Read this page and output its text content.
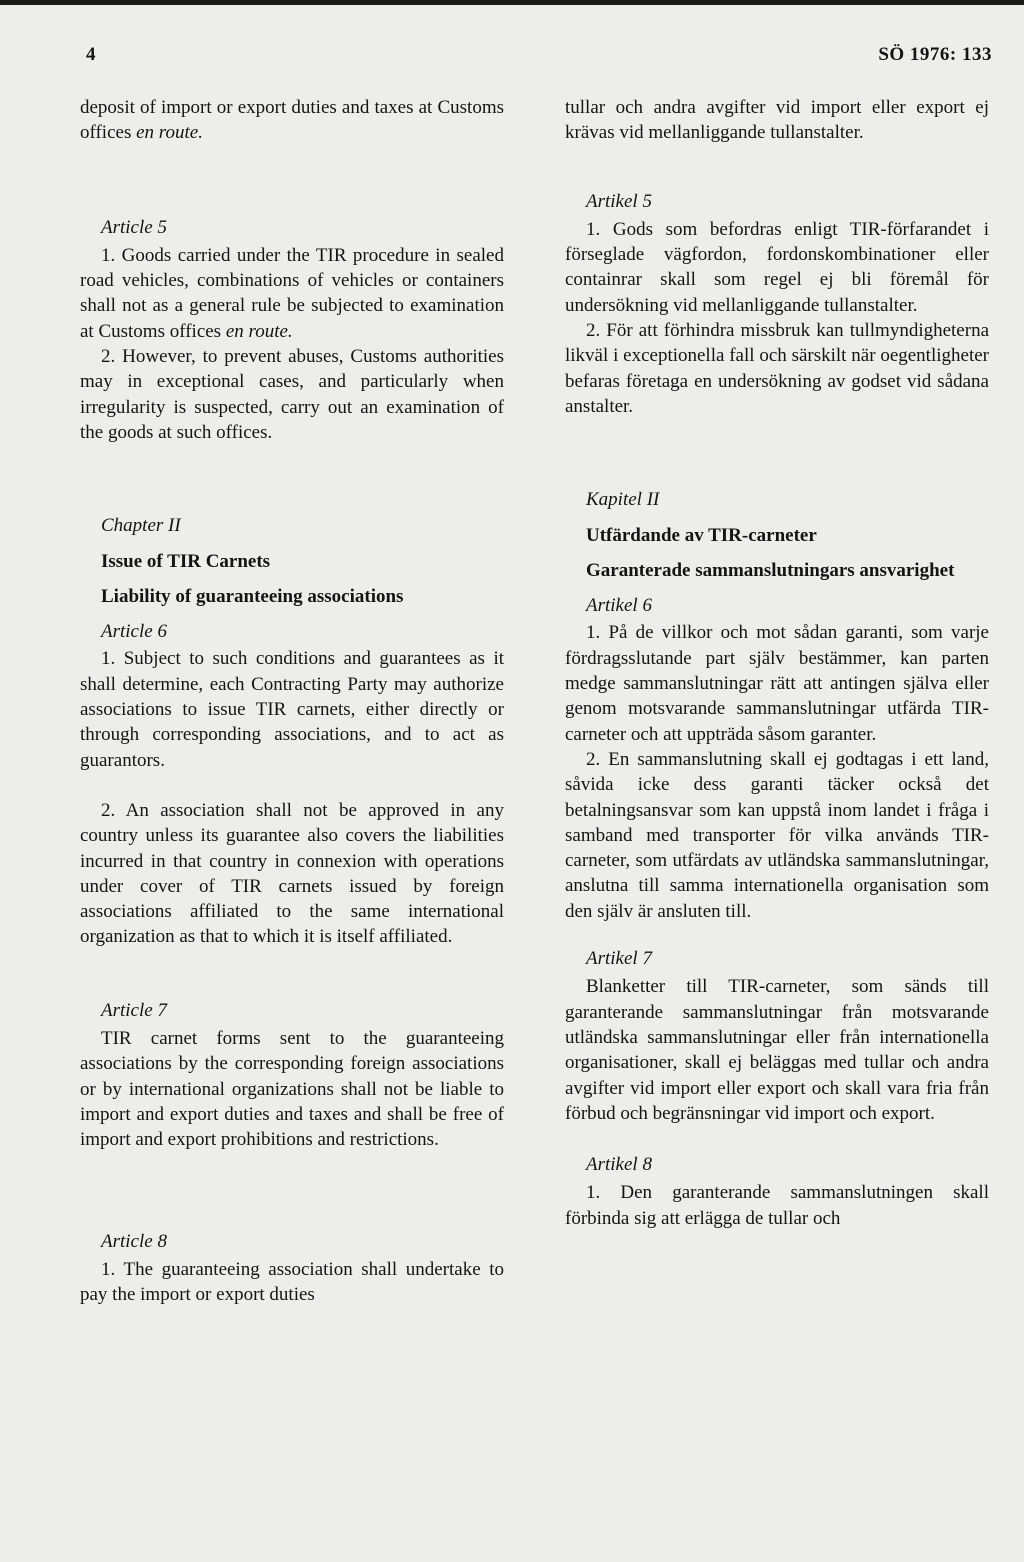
4	SÖ 1976: 133

deposit of import or export duties and taxes at Customs offices en route.

Article 5

1. Goods carried under the TIR procedure in sealed road vehicles, combinations of vehicles or containers shall not as a general rule be subjected to examination at Customs offices en route.

2. However, to prevent abuses, Customs authorities may in exceptional cases, and particularly when irregularity is suspected, carry out an examination of the goods at such offices.

Chapter II

Issue of TIR Carnets

Liability of guaranteeing associations

Article 6

1. Subject to such conditions and guarantees as it shall determine, each Contracting Party may authorize associations to issue TIR carnets, either directly or through corresponding associations, and to act as guarantors.

2. An association shall not be approved in any country unless its guarantee also covers the liabilities incurred in that country in connexion with operations under cover of TIR carnets issued by foreign associations affiliated to the same international organization as that to which it is itself affiliated.

Article 7

TIR carnet forms sent to the guaranteeing associations by the corresponding foreign associations or by international organizations shall not be liable to import and export duties and taxes and shall be free of import and export prohibitions and restrictions.

Article 8

1. The guaranteeing association shall undertake to pay the import or export duties

tullar och andra avgifter vid import eller export ej krävas vid mellanliggande tullanstalter.

Artikel 5

1. Gods som befordras enligt TIR-förfarandet i förseglade vägfordon, fordonskombinationer eller containrar skall som regel ej bli föremål för undersökning vid mellanliggande tullanstalter.

2. För att förhindra missbruk kan tullmyndigheterna likväl i exceptionella fall och särskilt när oegentligheter befaras företaga en undersökning av godset vid sådana anstalter.

Kapitel II

Utfärdande av TIR-carneter

Garanterade sammanslutningars ansvarighet

Artikel 6

1. På de villkor och mot sådan garanti, som varje fördragsslutande part själv bestämmer, kan parten medge sammanslutningar rätt att antingen själva eller genom motsvarande sammanslutningar utfärda TIR-carneter och att uppträda såsom garanter.

2. En sammanslutning skall ej godtagas i ett land, såvida icke dess garanti täcker också det betalningsansvar som kan uppstå inom landet i fråga i samband med transporter för vilka används TIR-carneter, som utfärdats av utländska sammanslutningar, anslutna till samma internationella organisation som den själv är ansluten till.

Artikel 7

Blanketter till TIR-carneter, som sänds till garanterande sammanslutningar från motsvarande utländska sammanslutningar eller från internationella organisationer, skall ej beläggas med tullar och andra avgifter vid import eller export och skall vara fria från förbud och begränsningar vid import och export.

Artikel 8

1. Den garanterande sammanslutningen skall förbinda sig att erlägga de tullar och
